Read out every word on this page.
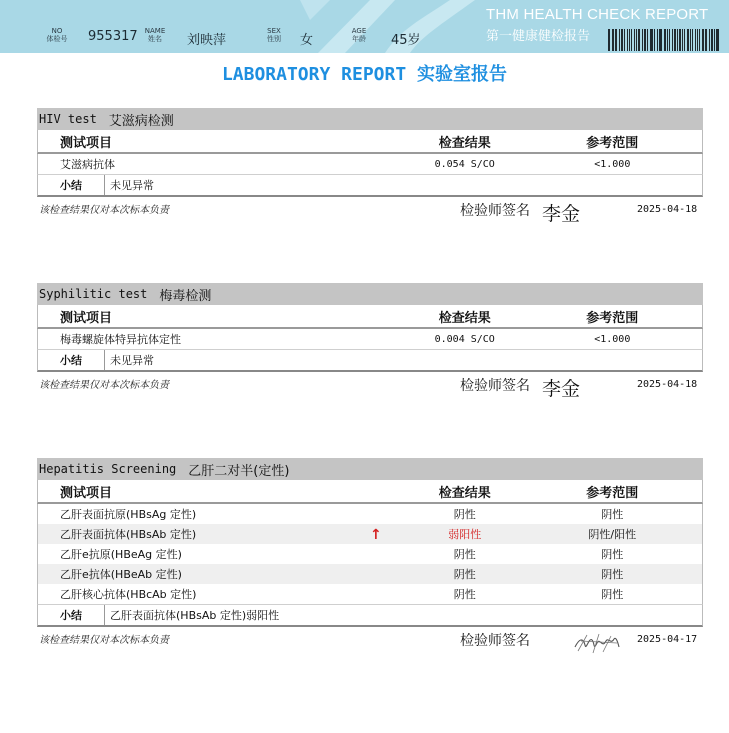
NO
体检号	955317	NAME
姓名	刘映萍
SEX
性别	女
AGE
年龄	45岁
THM HEALTH CHECK REPORT
第一健康健检报告
LABORATORY REPORT 实验室报告
HIV test 艾滋病检测
测试项目	检查结果	参考范围
艾滋病抗体	0.054 S/CO	<1.000
小结	未见异常
该检查结果仅对本次标本负责	检验师签名 李金	2025-04-18
Syphilitic test 梅毒检测
测试项目	检查结果	参考范围
梅毒螺旋体特异抗体定性	0.004 S/CO	<1.000
小结	未见异常
该检查结果仅对本次标本负责	检验师签名 李金	2025-04-18
Hepatitis Screening 乙肝二对半(定性)
测试项目	检查结果	参考范围
乙肝表面抗原(HBsAg 定性)	阴性	阴性
乙肝表面抗体(HBsAb 定性)	↑	弱阳性	阴性/阳性
乙肝e抗原(HBeAg 定性)	阴性	阴性
乙肝e抗体(HBeAb 定性)	阴性	阴性
乙肝核心抗体(HBcAb 定性)	阴性	阴性
小结	乙肝表面抗体(HBsAb 定性)弱阳性
该检查结果仅对本次标本负责	检验师签名	2025-04-17
